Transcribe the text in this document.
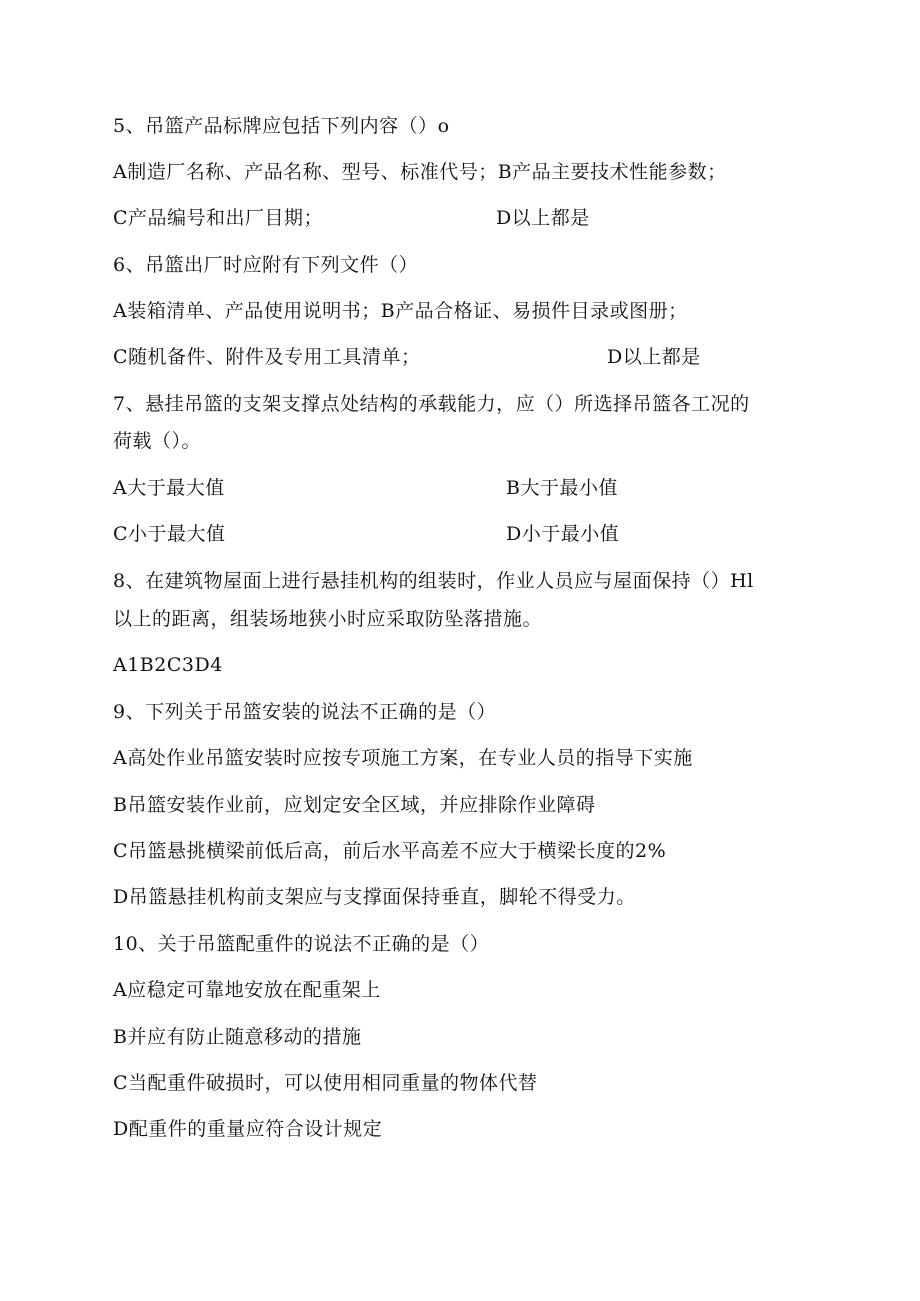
5、吊篮产品标牌应包括下列内容（）o
A制造厂名称、产品名称、型号、标准代号；B产品主要技术性能参数；
C产品编号和出厂目期；	D以上都是
6、吊篮出厂时应附有下列文件（）
A装箱清单、产品使用说明书；B产品合格证、易损件目录或图册；
C随机备件、附件及专用工具清单；	D以上都是
7、悬挂吊篮的支架支撑点处结构的承载能力，应（）所选择吊篮各工况的
荷载（）。
A大于最大值	B大于最小值
C小于最大值	D小于最小值
8、在建筑物屋面上进行悬挂机构的组装时，作业人员应与屋面保持（）Hl
以上的距离，组装场地狭小时应采取防坠落措施。
A1B2C3D4
9、下列关于吊篮安装的说法不正确的是（）
A高处作业吊篮安装时应按专项施工方案，在专业人员的指导下实施
B吊篮安装作业前，应划定安全区域，并应排除作业障碍
C吊篮悬挑横梁前低后高，前后水平高差不应大于横梁长度的2%
D吊篮悬挂机构前支架应与支撑面保持垂直，脚轮不得受力。
10、关于吊篮配重件的说法不正确的是（）
A应稳定可靠地安放在配重架上
B并应有防止随意移动的措施
C当配重件破损时，可以使用相同重量的物体代替
D配重件的重量应符合设计规定
